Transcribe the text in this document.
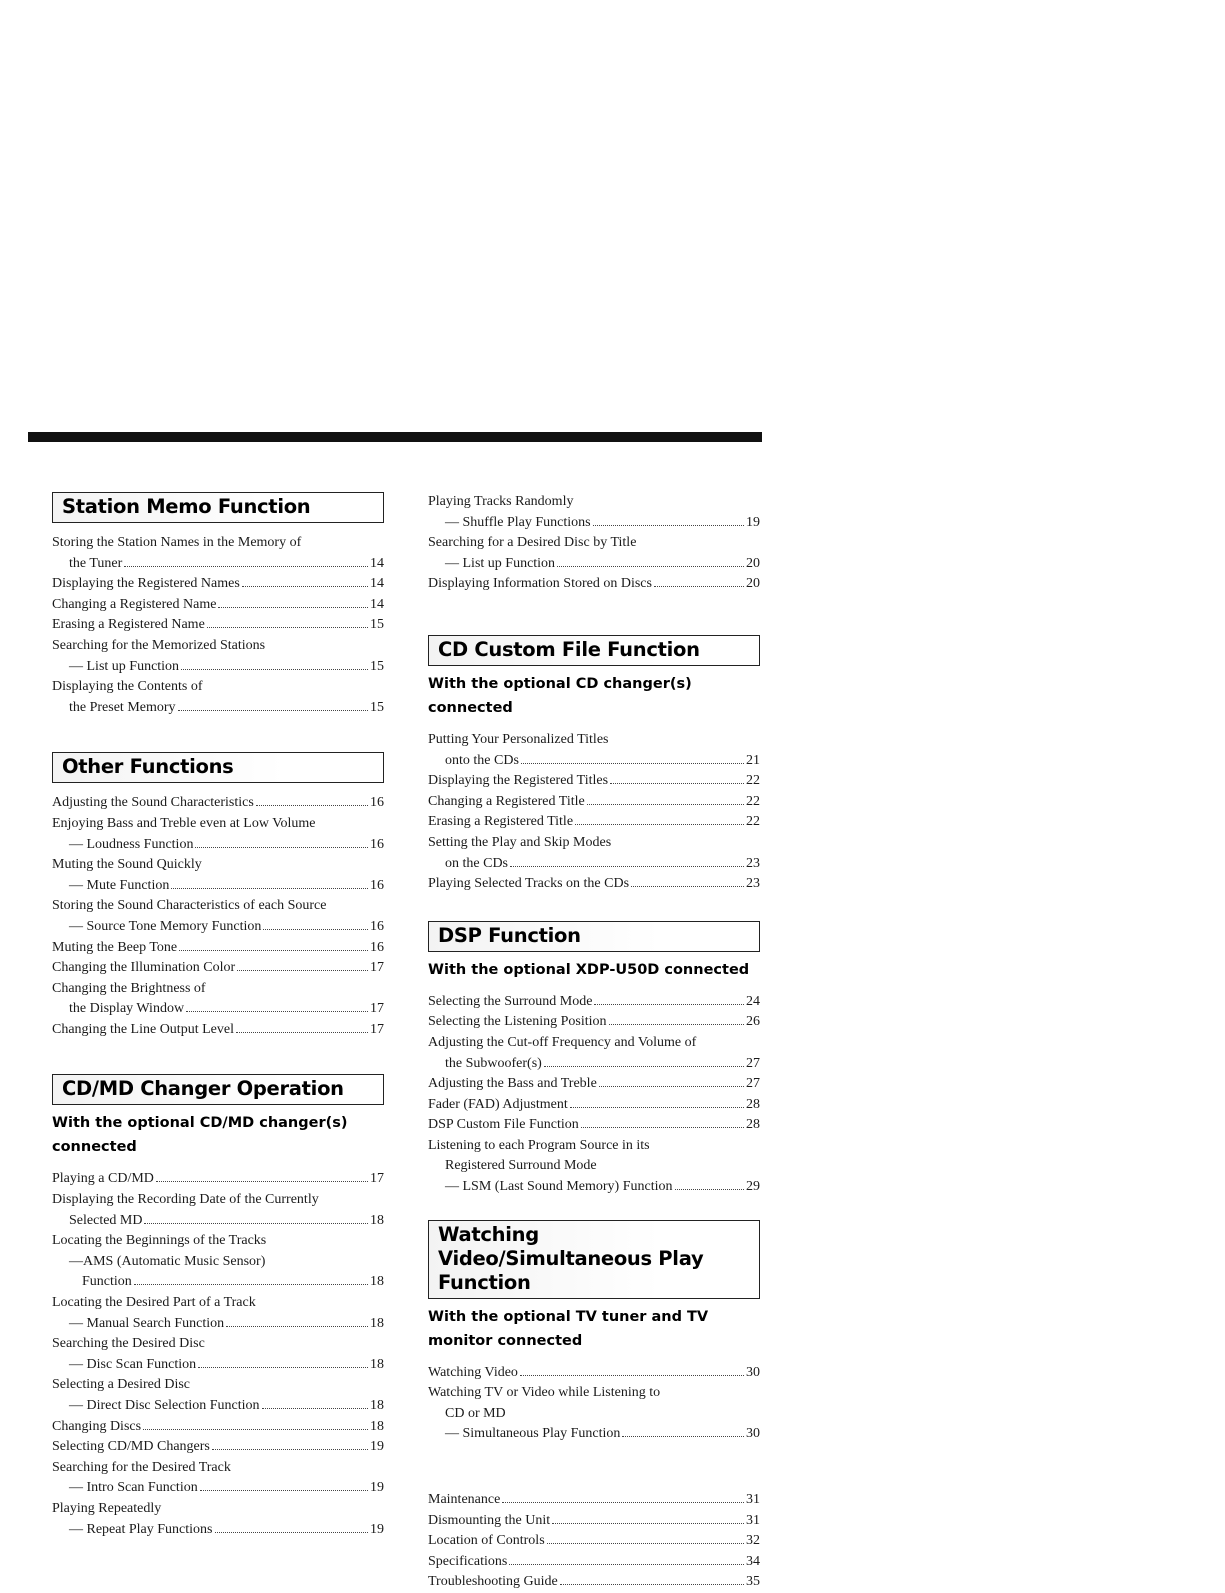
Station Memo Function
Storing the Station Names in the Memory of
the Tuner	14
Displaying the Registered Names	14
Changing a Registered Name	14
Erasing a Registered Name	15
Searching for the Memorized Stations
— List up Function	15
Displaying the Contents of
the Preset Memory	15
Other Functions
Adjusting the Sound Characteristics	16
Enjoying Bass and Treble even at Low Volume
— Loudness Function	16
Muting the Sound Quickly
— Mute Function	16
Storing the Sound Characteristics of each Source
— Source Tone Memory Function	16
Muting the Beep Tone	16
Changing the Illumination Color	17
Changing the Brightness of
the Display Window	17
Changing the Line Output Level	17
CD/MD Changer Operation
With the optional CD/MD changer(s) connected
Playing a CD/MD	17
Displaying the Recording Date of the Currently
Selected MD	18
Locating the Beginnings of the Tracks
—AMS (Automatic Music Sensor)
Function	18
Locating the Desired Part of a Track
— Manual Search Function	18
Searching the Desired Disc
— Disc Scan Function	18
Selecting a Desired Disc
— Direct Disc Selection Function	18
Changing Discs	18
Selecting CD/MD Changers	19
Searching for the Desired Track
— Intro Scan Function	19
Playing Repeatedly
— Repeat Play Functions	19
Playing Tracks Randomly
— Shuffle Play Functions	19
Searching for a Desired Disc by Title
— List up Function	20
Displaying Information Stored on Discs	20
CD Custom File Function
With the optional CD changer(s) connected
Putting Your Personalized Titles
onto the CDs	21
Displaying the Registered Titles	22
Changing a Registered Title	22
Erasing a Registered Title	22
Setting the Play and Skip Modes
on the CDs	23
Playing Selected Tracks on the CDs	23
DSP Function
With the optional XDP-U50D connected
Selecting the Surround Mode	24
Selecting the Listening Position	26
Adjusting the Cut-off Frequency and Volume of
the Subwoofer(s)	27
Adjusting the Bass and Treble	27
Fader (FAD) Adjustment	28
DSP Custom File Function	28
Listening to each Program Source in its
Registered Surround Mode
— LSM (Last Sound Memory) Function	29
Watching Video/Simultaneous Play Function
With the optional TV tuner and TV monitor connected
Watching Video	30
Watching TV or Video while Listening to
CD or MD
— Simultaneous Play Function	30
Maintenance	31
Dismounting the Unit	31
Location of Controls	32
Specifications	34
Troubleshooting Guide	35
